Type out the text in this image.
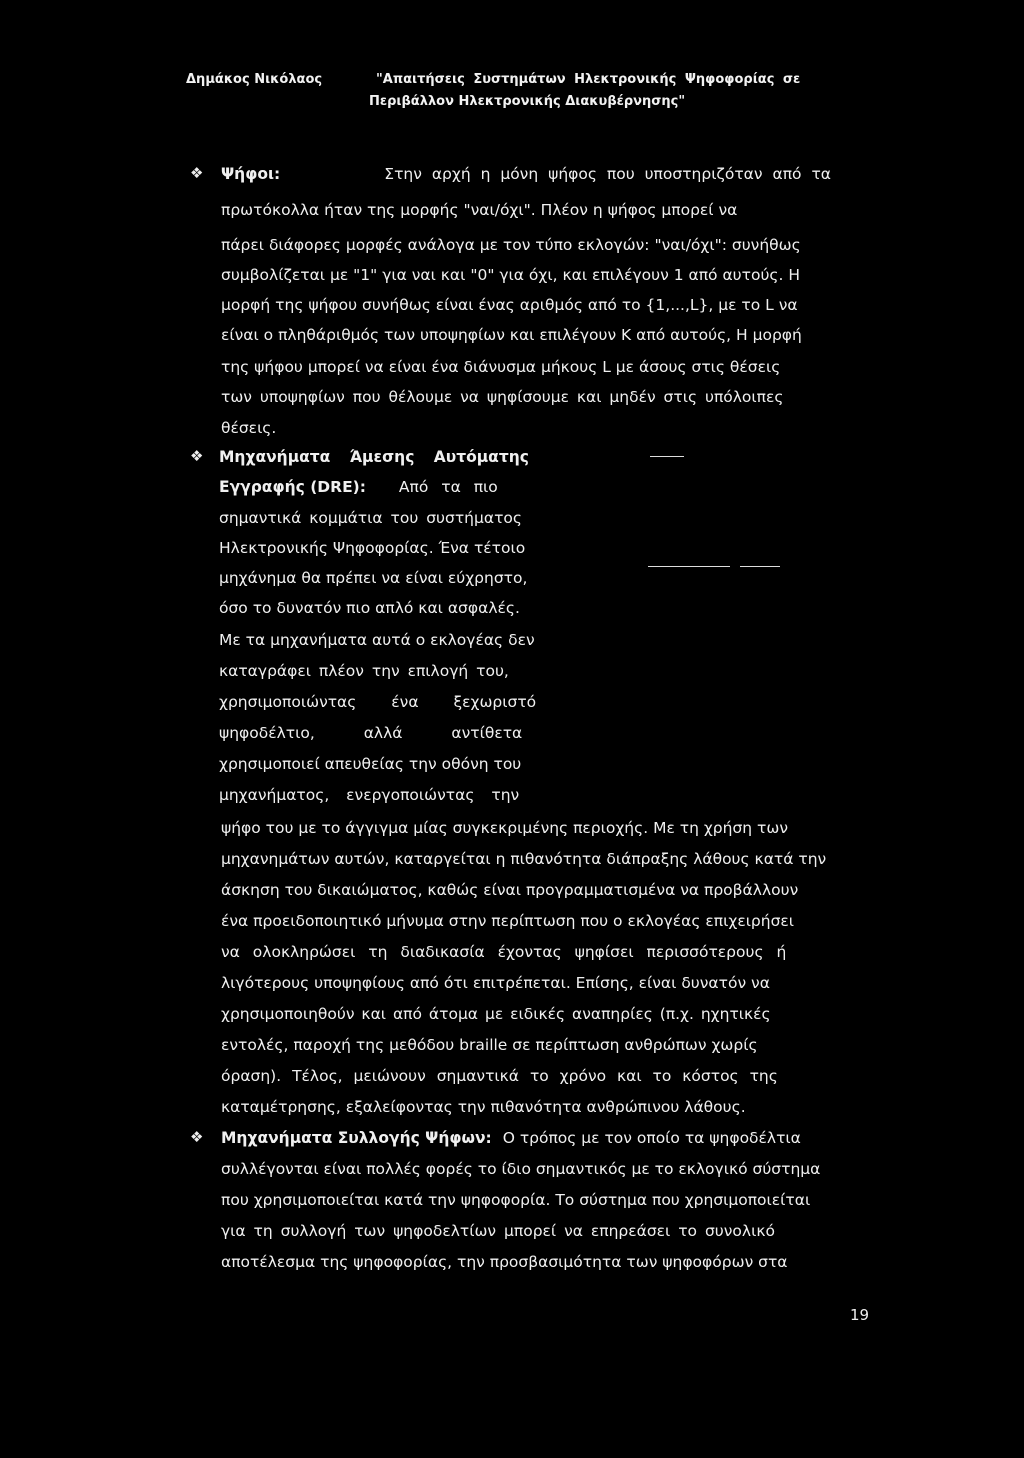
Δημάκος Νικόλαος	"Απαιτήσεις Συστημάτων Ηλεκτρονικής Ψηφοφορίας σε
Περιβάλλον Ηλεκτρονικής Διακυβέρνησης"
❖ Ψήφοι:	Στην αρχή η μόνη ψήφος που υποστηριζόταν από τα
πρωτόκολλα ήταν της μορφής "ναι/όχι". Πλέον η ψήφος μπορεί να
πάρει διάφορες μορφές ανάλογα με τον τύπο εκλογών: "ναι/όχι": συνήθως
συμβολίζεται με "1" για ναι και "0" για όχι, και επιλέγουν 1 από αυτούς. Η
μορφή της ψήφου συνήθως είναι ένας αριθμός από το {1,...,L}, με το L να
είναι ο πληθάριθμός των υποψηφίων και επιλέγουν K από αυτούς, Η μορφή
της ψήφου μπορεί να είναι ένα διάνυσμα μήκους L με άσους στις θέσεις
των υποψηφίων που θέλουμε να ψηφίσουμε και μηδέν στις υπόλοιπες
θέσεις.
❖ Μηχανήματα Άμεσης Αυτόματης
Εγγραφής (DRE): Από τα πιο
σημαντικά κομμάτια του συστήματος
Ηλεκτρονικής Ψηφοφορίας. Ένα τέτοιο
μηχάνημα θα πρέπει να είναι εύχρηστο,
όσο το δυνατόν πιο απλό και ασφαλές.
Με τα μηχανήματα αυτά ο εκλογέας δεν
καταγράφει πλέον την επιλογή του,
χρησιμοποιώντας ένα ξεχωριστό
ψηφοδέλτιο, αλλά αντίθετα
χρησιμοποιεί απευθείας την οθόνη του
μηχανήματος, ενεργοποιώντας την
ψήφο του με το άγγιγμα μίας συγκεκριμένης περιοχής. Με τη χρήση των
μηχανημάτων αυτών, καταργείται η πιθανότητα διάπραξης λάθους κατά την
άσκηση του δικαιώματος, καθώς είναι προγραμματισμένα να προβάλλουν
ένα προειδοποιητικό μήνυμα στην περίπτωση που ο εκλογέας επιχειρήσει
να ολοκληρώσει τη διαδικασία έχοντας ψηφίσει περισσότερους ή
λιγότερους υποψηφίους από ότι επιτρέπεται. Επίσης, είναι δυνατόν να
χρησιμοποιηθούν και από άτομα με ειδικές αναπηρίες (π.χ. ηχητικές
εντολές, παροχή της μεθόδου braille σε περίπτωση ανθρώπων χωρίς
όραση). Τέλος, μειώνουν σημαντικά το χρόνο και το κόστος της
καταμέτρησης, εξαλείφοντας την πιθανότητα ανθρώπινου λάθους.
❖ Μηχανήματα Συλλογής Ψήφων: Ο τρόπος με τον οποίο τα ψηφοδέλτια
συλλέγονται είναι πολλές φορές το ίδιο σημαντικός με το εκλογικό σύστημα
που χρησιμοποιείται κατά την ψηφοφορία. Το σύστημα που χρησιμοποιείται
για τη συλλογή των ψηφοδελτίων μπορεί να επηρεάσει το συνολικό
αποτέλεσμα της ψηφοφορίας, την προσβασιμότητα των ψηφοφόρων στα
19
